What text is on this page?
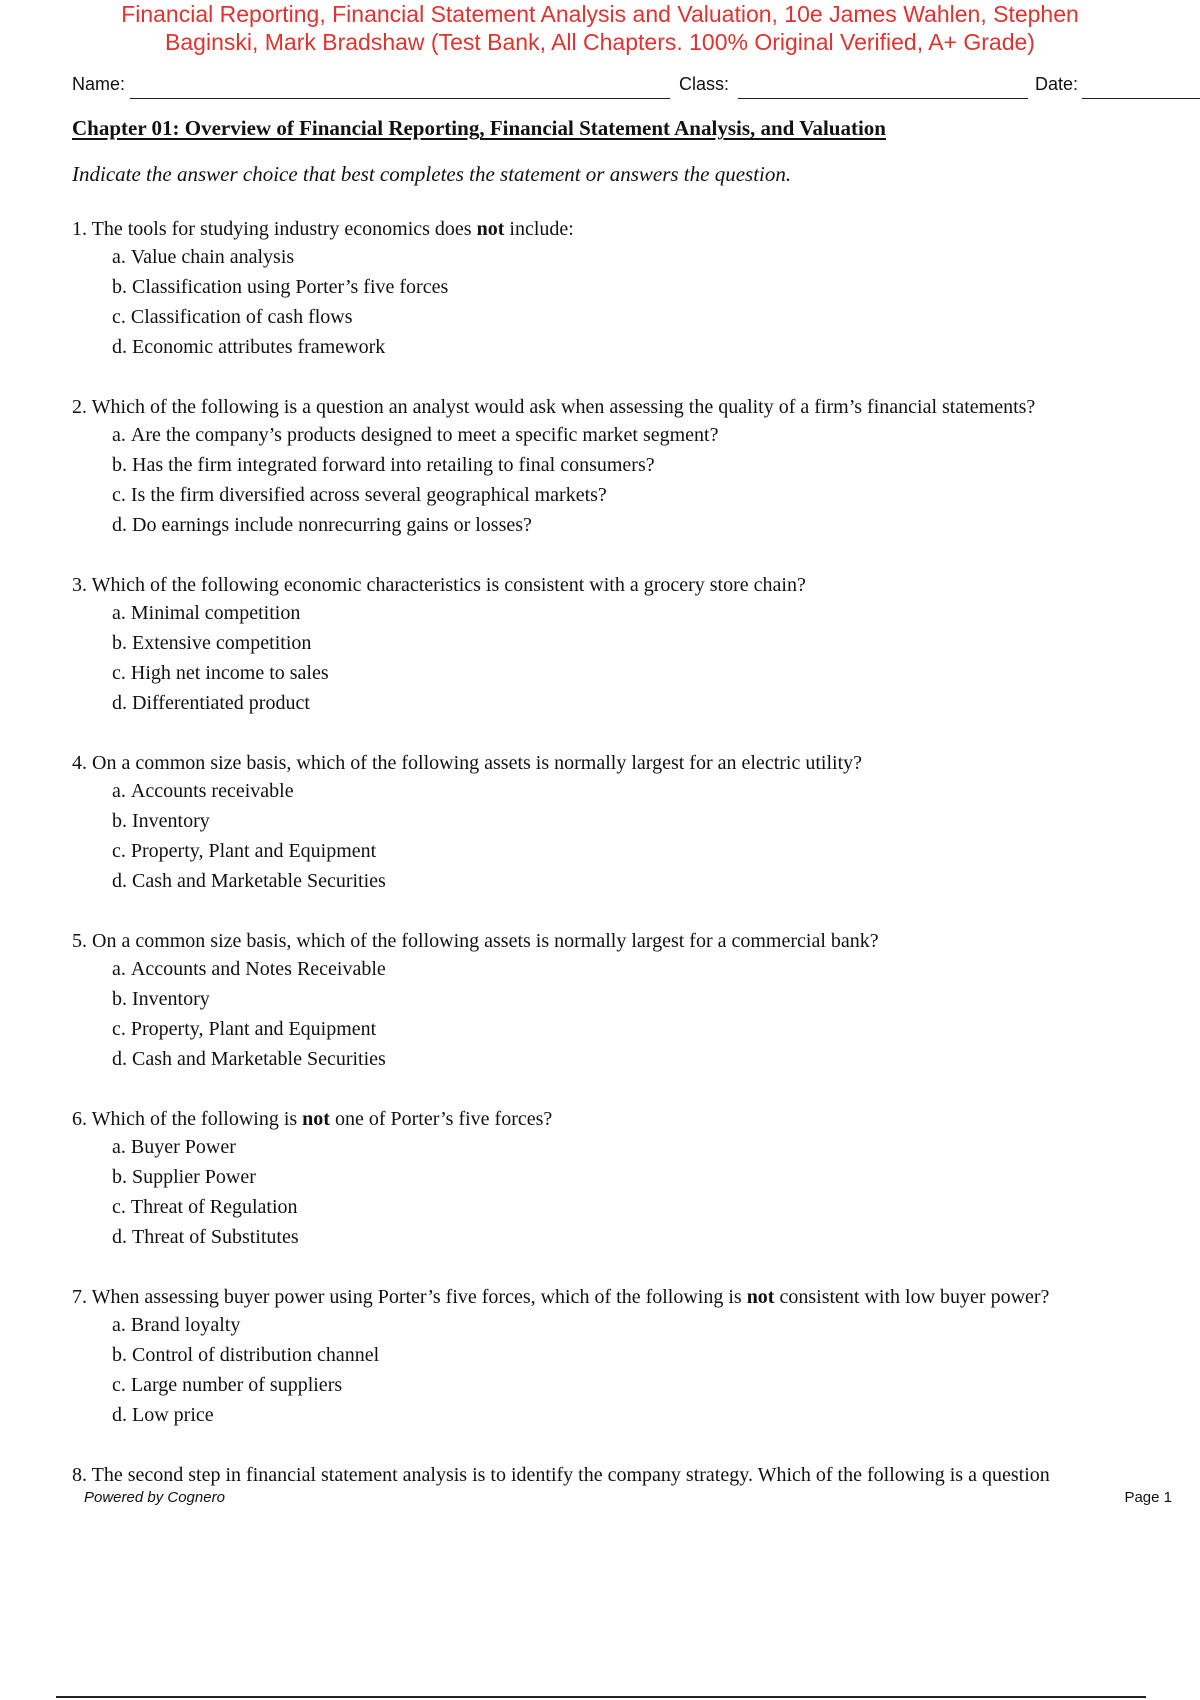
Financial Reporting, Financial Statement Analysis and Valuation, 10e James Wahlen, Stephen
Baginski, Mark Bradshaw (Test Bank, All Chapters. 100% Original Verified, A+ Grade)
Name:	Class:	Date:
Chapter 01: Overview of Financial Reporting, Financial Statement Analysis, and Valuation
Indicate the answer choice that best completes the statement or answers the question.
1. The tools for studying industry economics does not include:
a. Value chain analysis
b. Classification using Porter’s five forces
c. Classification of cash flows
d. Economic attributes framework
2. Which of the following is a question an analyst would ask when assessing the quality of a firm’s financial statements?
a. Are the company’s products designed to meet a specific market segment?
b. Has the firm integrated forward into retailing to final consumers?
c. Is the firm diversified across several geographical markets?
d. Do earnings include nonrecurring gains or losses?
3. Which of the following economic characteristics is consistent with a grocery store chain?
a. Minimal competition
b. Extensive competition
c. High net income to sales
d. Differentiated product
4. On a common size basis, which of the following assets is normally largest for an electric utility?
a. Accounts receivable
b. Inventory
c. Property, Plant and Equipment
d. Cash and Marketable Securities
5. On a common size basis, which of the following assets is normally largest for a commercial bank?
a. Accounts and Notes Receivable
b. Inventory
c. Property, Plant and Equipment
d. Cash and Marketable Securities
6. Which of the following is not one of Porter’s five forces?
a. Buyer Power
b. Supplier Power
c. Threat of Regulation
d. Threat of Substitutes
7. When assessing buyer power using Porter’s five forces, which of the following is not consistent with low buyer power?
a. Brand loyalty
b. Control of distribution channel
c. Large number of suppliers
d. Low price
8. The second step in financial statement analysis is to identify the company strategy. Which of the following is a question
Powered by Cognero	Page 1
